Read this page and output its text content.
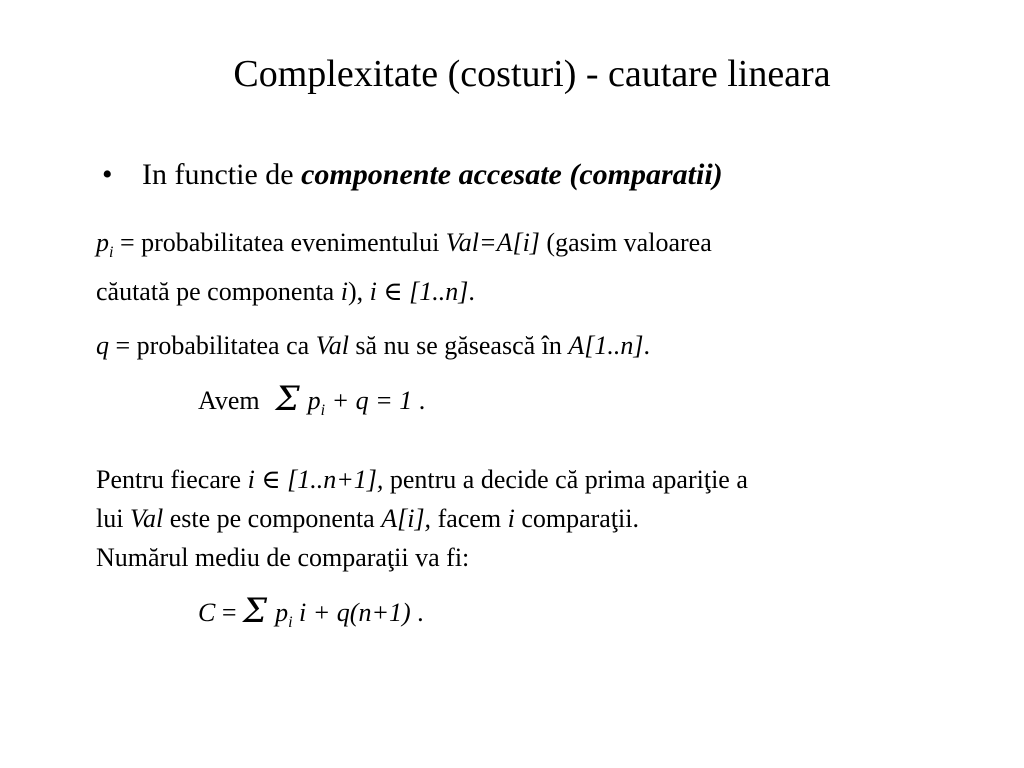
Complexitate (costuri) - cautare lineara
• In functie de componente accesate (comparatii)
$p_i$ = probabilitatea evenimentului Val=A[i] (gasim valoarea
căutată pe componenta i), i ∈ [1..n].
q = probabilitatea ca Val să nu se găsească în A[1..n].
Avem Σ $p_i + q = 1$ .
Pentru fiecare i ∈ [1..n+1], pentru a decide că prima apariţie a
lui Val este pe componenta A[i], facem i comparaţii.
Numărul mediu de comparaţii va fi:
C = Σ $p_i$ i + q(n+1) .
